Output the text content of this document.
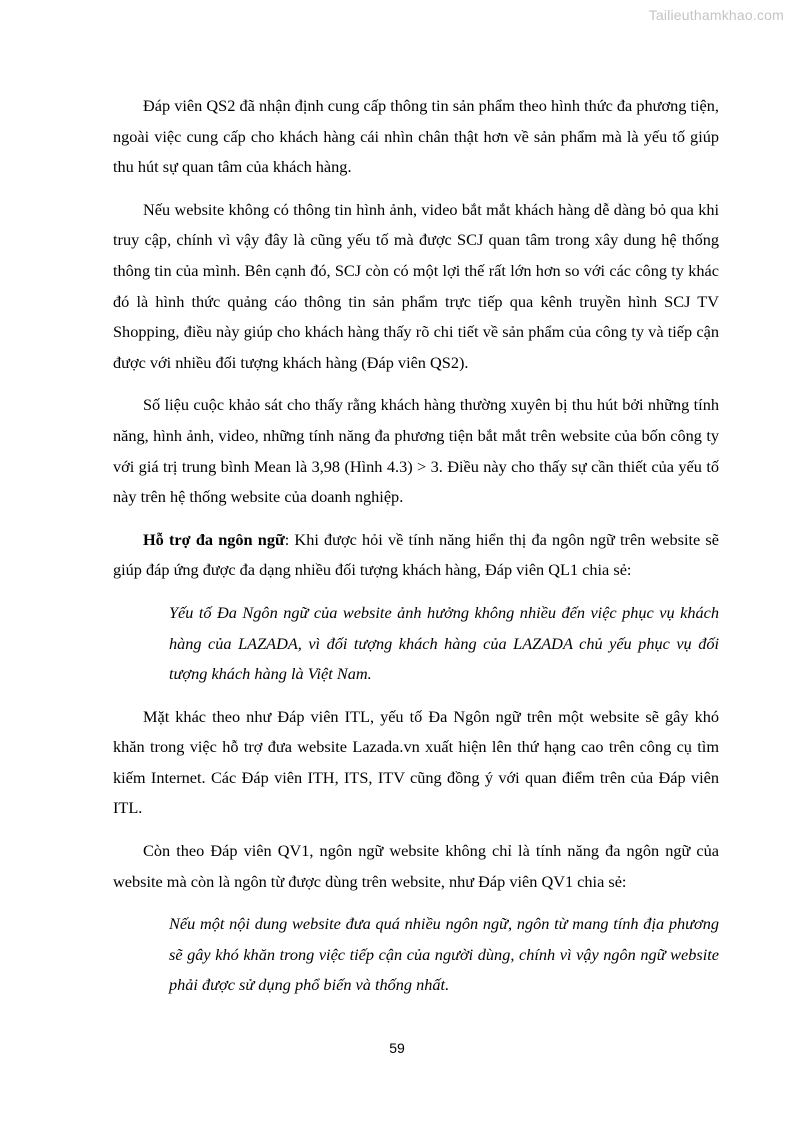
Tailieuthamkhao.com

Đáp viên QS2 đã nhận định cung cấp thông tin sản phẩm theo hình thức đa phương tiện, ngoài việc cung cấp cho khách hàng cái nhìn chân thật hơn về sản phẩm mà là yếu tố giúp thu hút sự quan tâm của khách hàng.

Nếu website không có thông tin hình ảnh, video bắt mắt khách hàng dễ dàng bỏ qua khi truy cập, chính vì vậy đây là cũng yếu tố mà được SCJ quan tâm trong xây dung hệ thống thông tin của mình. Bên cạnh đó, SCJ còn có một lợi thế rất lớn hơn so với các công ty khác đó là hình thức quảng cáo thông tin sản phẩm trực tiếp qua kênh truyền hình SCJ TV Shopping, điều này giúp cho khách hàng thấy rõ chi tiết về sản phẩm của công ty và tiếp cận được với nhiều đối tượng khách hàng (Đáp viên QS2).

Số liệu cuộc khảo sát cho thấy rằng khách hàng thường xuyên bị thu hút bởi những tính năng, hình ảnh, video, những tính năng đa phương tiện bắt mắt trên website của bốn công ty với giá trị trung bình Mean là 3,98 (Hình 4.3) > 3. Điều này cho thấy sự cần thiết của yếu tố này trên hệ thống website của doanh nghiệp.

Hỗ trợ đa ngôn ngữ: Khi được hỏi về tính năng hiển thị đa ngôn ngữ trên website sẽ giúp đáp ứng được đa dạng nhiều đối tượng khách hàng, Đáp viên QL1 chia sẻ:

Yếu tố Đa Ngôn ngữ của website ảnh hưởng không nhiều đến việc phục vụ khách hàng của LAZADA, vì đối tượng khách hàng của LAZADA chủ yếu phục vụ đối tượng khách hàng là Việt Nam.

Mặt khác theo như Đáp viên ITL, yếu tố Đa Ngôn ngữ trên một website sẽ gây khó khăn trong việc hỗ trợ đưa website Lazada.vn xuất hiện lên thứ hạng cao trên công cụ tìm kiếm Internet. Các Đáp viên ITH, ITS, ITV cũng đồng ý với quan điểm trên của Đáp viên ITL.

Còn theo Đáp viên QV1, ngôn ngữ website không chỉ là tính năng đa ngôn ngữ của website mà còn là ngôn từ được dùng trên website, như Đáp viên QV1 chia sẻ:

Nếu một nội dung website đưa quá nhiều ngôn ngữ, ngôn từ mang tính địa phương sẽ gây khó khăn trong việc tiếp cận của người dùng, chính vì vậy ngôn ngữ website phải được sử dụng phổ biến và thống nhất.

59
